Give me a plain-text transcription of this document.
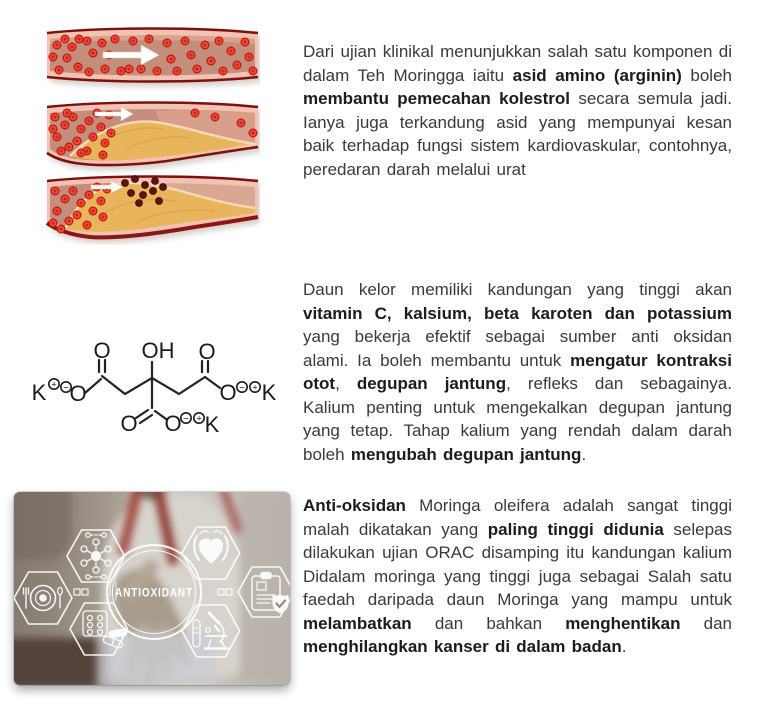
Dari ujian klinikal menunjukkan salah satu komponen di dalam Teh Moringga iaitu asid amino (arginin) boleh membantu pemecahan kolestrol secara semula jadi. Ianya juga terkandung asid yang mempunyai kesan baik terhadap fungsi sistem kardiovaskular, contohnya, peredaran darah melalui urat

K O
O OH O
O K
O O K
+ −	− +
− +

Daun kelor memiliki kandungan yang tinggi akan vitamin C, kalsium, beta karoten dan potassium yang bekerja efektif sebagai sumber anti oksidan alami. Ia boleh membantu untuk mengatur kontraksi otot, degupan jantung, refleks dan sebagainya. Kalium penting untuk mengekalkan degupan jantung yang tetap. Tahap kalium yang rendah dalam darah boleh mengubah degupan jantung.

ANTIOXIDANT

Anti-oksidan Moringa oleifera adalah sangat tinggi malah dikatakan yang paling tinggi didunia selepas dilakukan ujian ORAC disamping itu kandungan kalium Didalam moringa yang tinggi juga sebagai Salah satu faedah daripada daun Moringa yang mampu untuk melambatkan dan bahkan menghentikan dan menghilangkan kanser di dalam badan.
